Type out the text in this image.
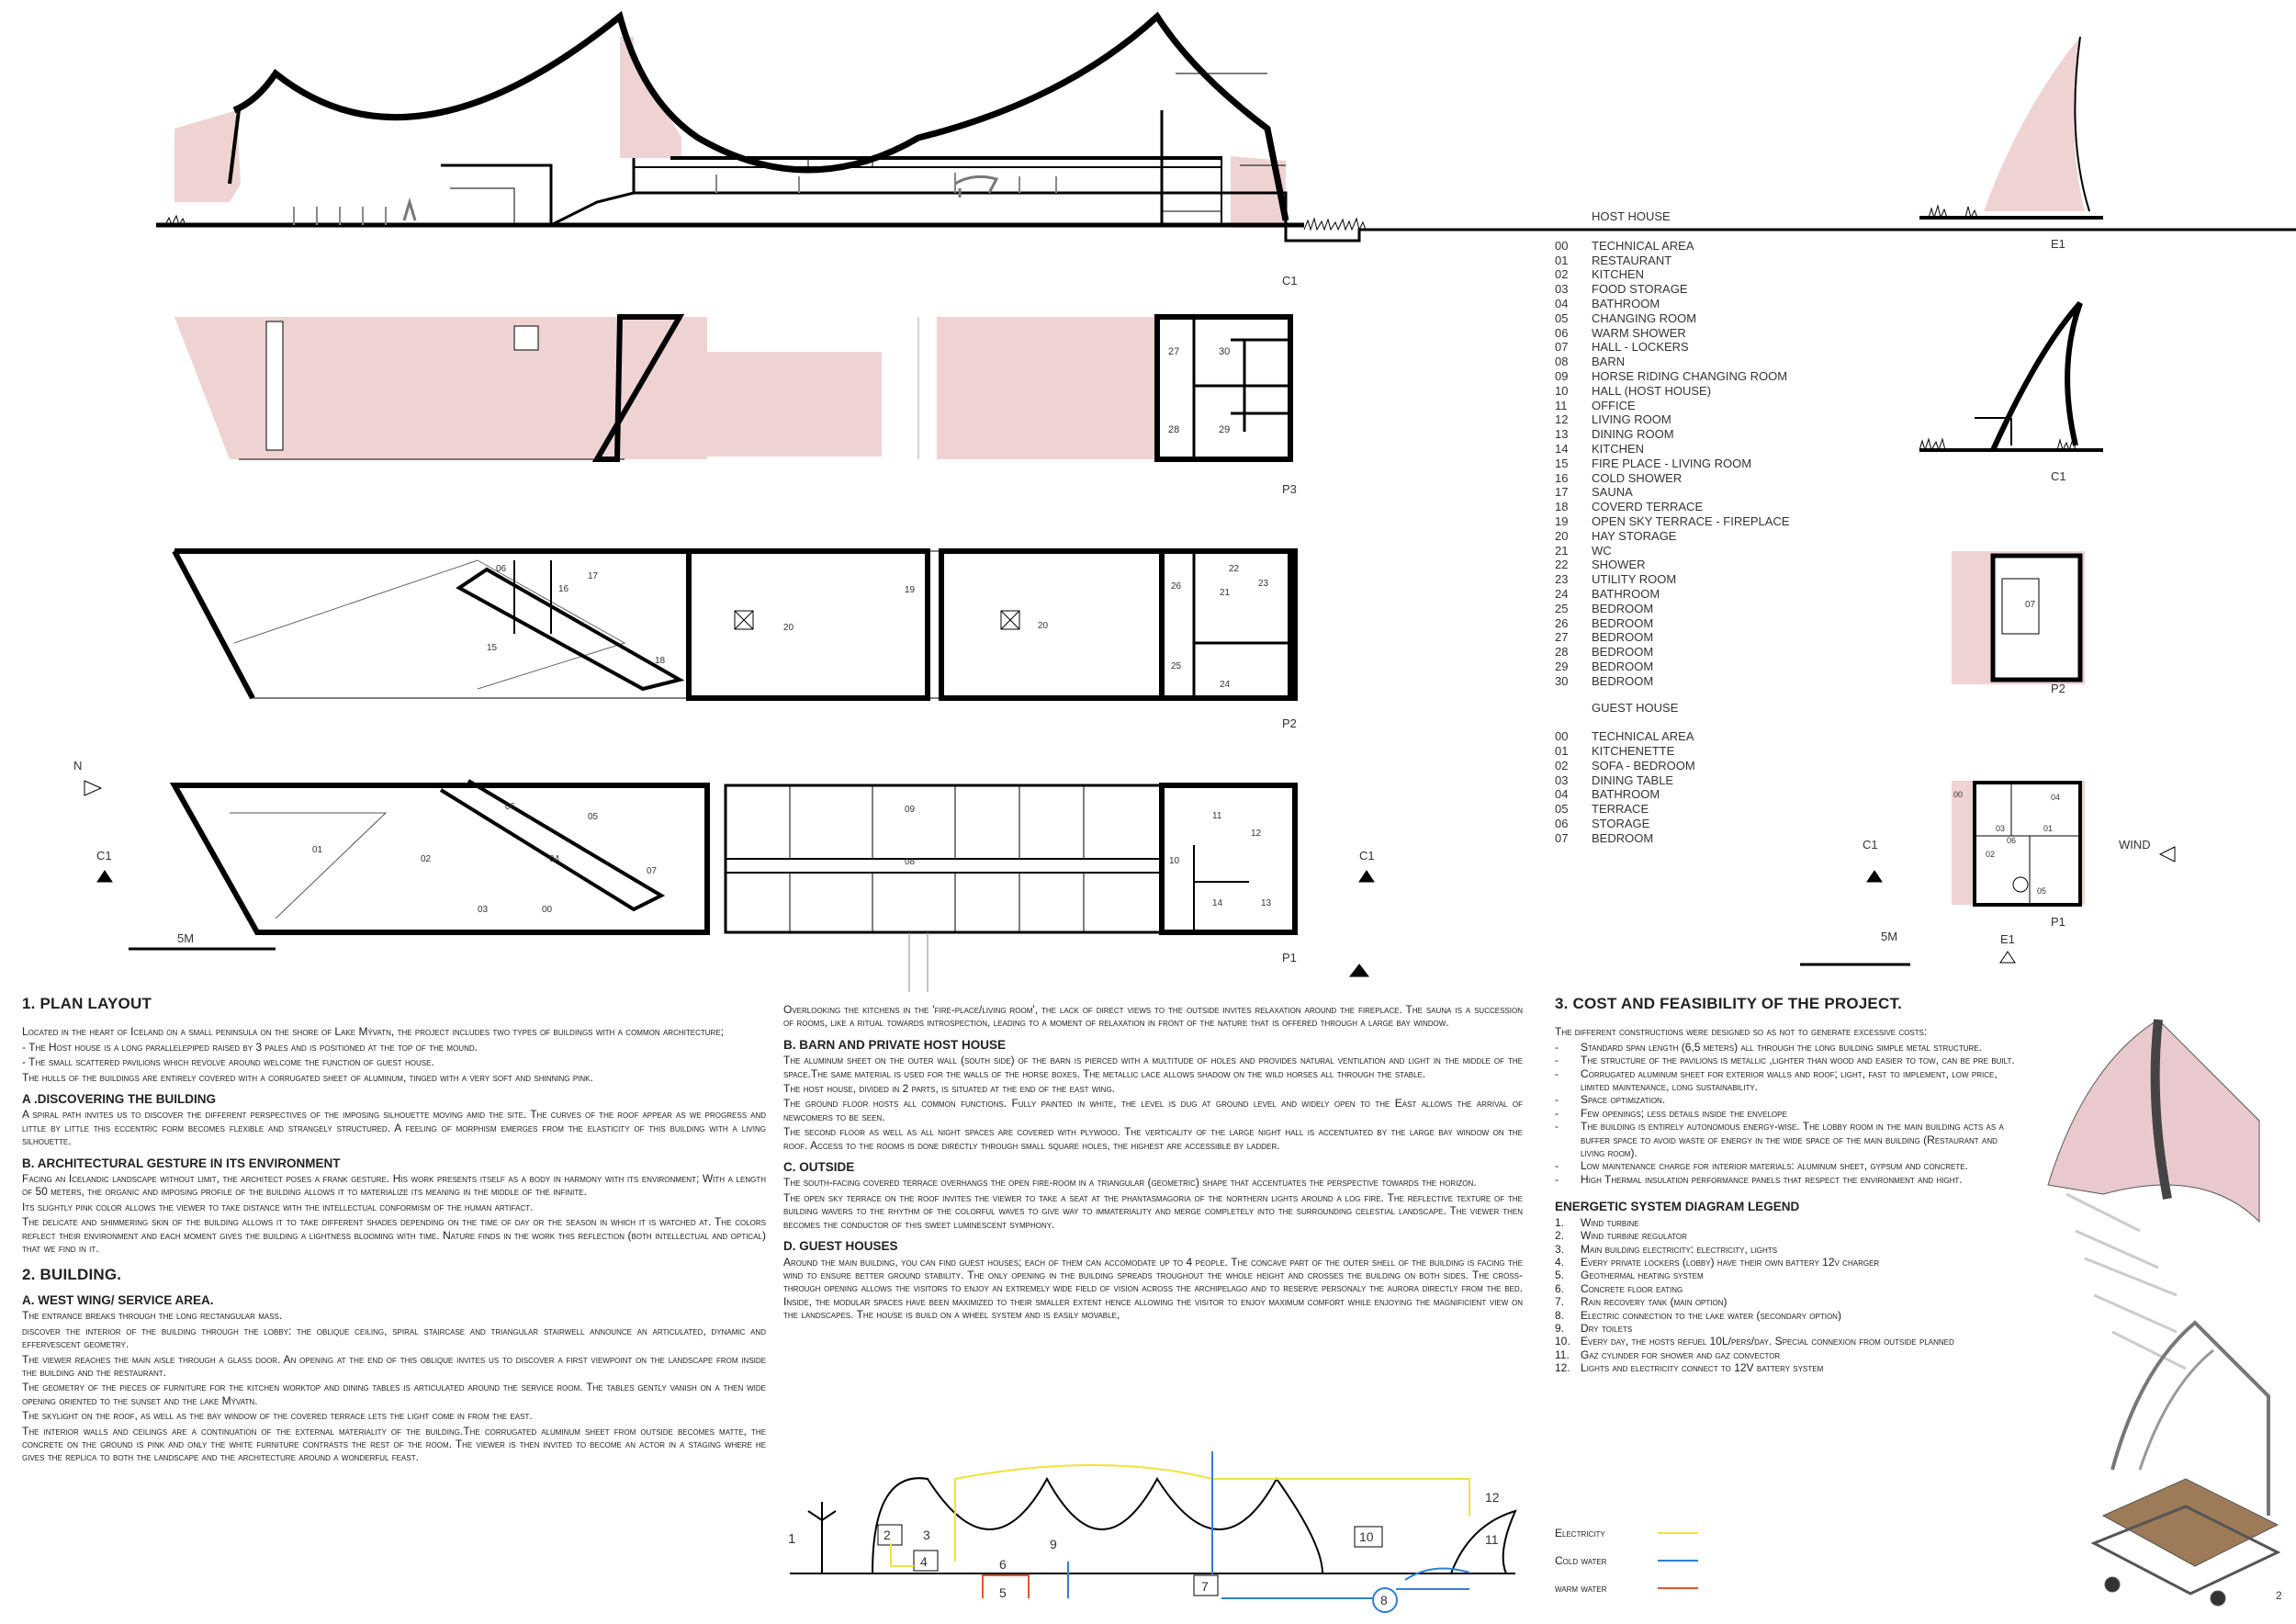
C1
27	30
28	29
P3
06
17
16
15
18
19
20	20
22
21
23
26
25
24
P2
06
05
01
02
03	00
04
07
09
08
11
12
10
14	13
N
C1	C1
5M
P1
HOST HOUSE
00	TECHNICAL AREA
01	RESTAURANT
02	KITCHEN
03	FOOD STORAGE
04	BATHROOM
05	CHANGING ROOM
06	WARM SHOWER
07	HALL - LOCKERS
08	BARN
09	HORSE RIDING CHANGING ROOM
10	HALL (HOST HOUSE)
11	OFFICE
12	LIVING ROOM
13	DINING ROOM
14	KITCHEN
15	FIRE PLACE - LIVING ROOM
16	COLD SHOWER
17	SAUNA
18	COVERD TERRACE
19	OPEN SKY TERRACE - FIREPLACE
20	HAY STORAGE
21	WC
22	SHOWER
23	UTILITY ROOM
24	BATHROOM
25	BEDROOM
26	BEDROOM
27	BEDROOM
28	BEDROOM
29	BEDROOM
30	BEDROOM
GUEST HOUSE
00	TECHNICAL AREA
01	KITCHENETTE
02	SOFA - BEDROOM
03	DINING TABLE
04	BATHROOM
05	TERRACE
06	STORAGE
07	BEDROOM
E1
C1
P2
P1
C1	WIND
5M	E1
07
00	04
03	01
06
02
05
1. PLAN LAYOUT

Located in the heart of Iceland on a small peninsula on the shore of Lake Mývatn, the project includes two types of buildings with a common architecture;

- The Host house is a long parallelepiped raised by 3 pales and is positioned at the top of the mound.

- The small scattered pavilions which revolve around welcome the function of guest house.

The hulls of the buildings are entirely covered with a corrugated sheet of aluminum, tinged with a very soft and shinning pink.

A .DISCOVERING THE BUILDING

A spiral path invites us to discover the different perspectives of the imposing silhouette moving amid the site. The curves of the roof appear as we progress and little by little this eccentric form becomes flexible and strangely structured. A feeling of morphism emerges from the elasticity of this building with a living silhouette.

B. ARCHITECTURAL GESTURE IN ITS ENVIRONMENT

Facing an Icelandic landscape without limit, the architect poses a frank gesture. His work presents itself as a body in harmony with its environment; With a length of 50 meters, the organic and imposing profile of the building allows it to materialize its meaning in the middle of the infinite.

Its slightly pink color allows the viewer to take distance with the intellectual conformism of the human artifact.

The delicate and shimmering skin of the building allows it to take different shades depending on the time of day or the season in which it is watched at. The colors reflect their environment and each moment gives the building a lightness blooming with time. Nature finds in the work this reflection (both intellectual and optical) that we find in it.

2. BUILDING.
A. WEST WING/ SERVICE AREA.

The entrance breaks through the long rectangular mass.

discover the interior of the building through the lobby: the oblique ceiling, spiral staircase and triangular stairwell announce an articulated, dynamic and effervescent geometry.

The viewer reaches the main aisle through a glass door. An opening at the end of this oblique invites us to discover a first viewpoint on the landscape from inside the building and the restaurant.

The geometry of the pieces of furniture for the kitchen worktop and dining tables is articulated around the service room. The tables gently vanish on a then wide opening oriented to the sunset and the lake Mývatn.

The skylight on the roof, as well as the bay window of the covered terrace lets the light come in from the east.

The interior walls and ceilings are a continuation of the external materiality of the building.The corrugated aluminum sheet from outside becomes matte, the concrete on the ground is pink and only the white furniture contrasts the rest of the room. The viewer is then invited to become an actor in a staging where he gives the replica to both the landscape and the architecture around a wonderful feast.

Overlooking the kitchens in the 'fire-place/living room', the lack of direct views to the outside invites relaxation around the fireplace. The sauna is a succession of rooms, like a ritual towards introspection, leading to a moment of relaxation in front of the nature that is offered through a large bay window.

B. BARN AND PRIVATE HOST HOUSE

The aluminum sheet on the outer wall (south side) of the barn is pierced with a multitude of holes and provides natural ventilation and light in the middle of the space.The same material is used for the walls of the horse boxes. The metallic lace allows shadow on the wild horses all through the stable.

The host house, divided in 2 parts, is situated at the end of the east wing.

The ground floor hosts all common functions. Fully painted in white, the level is dug at ground level and widely open to the East allows the arrival of newcomers to be seen.

The second floor as well as all night spaces are covered with plywood. The verticality of the large night hall is accentuated by the large bay window on the roof. Access to the rooms is done directly through small square holes, the highest are accessible by ladder.

C. OUTSIDE

The south-facing covered terrace overhangs the open fire-room in a triangular (geometric) shape that accentuates the perspective towards the horizon.

The open sky terrace on the roof invites the viewer to take a seat at the phantasmagoria of the northern lights around a log fire. The reflective texture of the building wavers to the rhythm of the colorful waves to give way to immateriality and merge completely into the surrounding celestial landscape. The viewer then becomes the conductor of this sweet luminescent symphony.

D. GUEST HOUSES

Around the main building, you can find guest houses; each of them can accomodate up to 4 people. The concave part of the outer shell of the building is facing the wind to ensure better ground stability. The only opening in the building spreads troughout the whole height and crosses the building on both sides. The cross-through opening allows the visitors to enjoy an extremely wide field of vision across the archipelago and to reserve personaly the aurora directly from the bed. Inside, the modular spaces have been maximized to their smaller extent hence allowing the visitor to enjoy maximum comfort while enjoying the magnificient view on the landscapes. The house is build on a wheel system and is easily movable,

1	2	3
4
5
6
7
8
9	10	11
12
3. COST AND FEASIBILITY OF THE PROJECT.

The different constructions were designed so as not to generate excessive costs:

-	Standard span length (6,5 meters) all through the long building simple metal structure.
-	The structure of the pavilions is metallic ,lighter than wood and easier to tow, can be pre built.
-	Corrugated aluminum sheet for exterior walls and roof; light, fast to implement, low price, limited maintenance, long sustainability.
-	Space optimization.
-	Few openings; less details inside the envelope
-	The building is entirely autonomous energy-wise. The lobby room in the main building acts as a buffer space to avoid waste of energy in the wide space of the main building (Restaurant and living room).
-	Low maintenance charge for interior materials: aluminum sheet, gypsum and concrete.
-	High Thermal insulation performance panels that respect the environment and hight.
ENERGETIC SYSTEM DIAGRAM LEGEND
1.	Wind turbine
2.	Wind turbine regulator
3.	Main building electricity: electricity, lights
4.	Every private lockers (lobby) have their own battery 12v charger
5.	Geothermal heating system
6.	Concrete floor eating
7.	Rain recovery tank (main option)
8.	Electric connection to the lake water (secondary option)
9.	Dry toilets
10. Every day, the hosts refuel 10L/pers/day. Special connexion from outside planned
11.	Gaz cylinder for shower and gaz convector
12. Lights and electricity connect to 12V battery system
Electricity
Cold water
warm water
2
